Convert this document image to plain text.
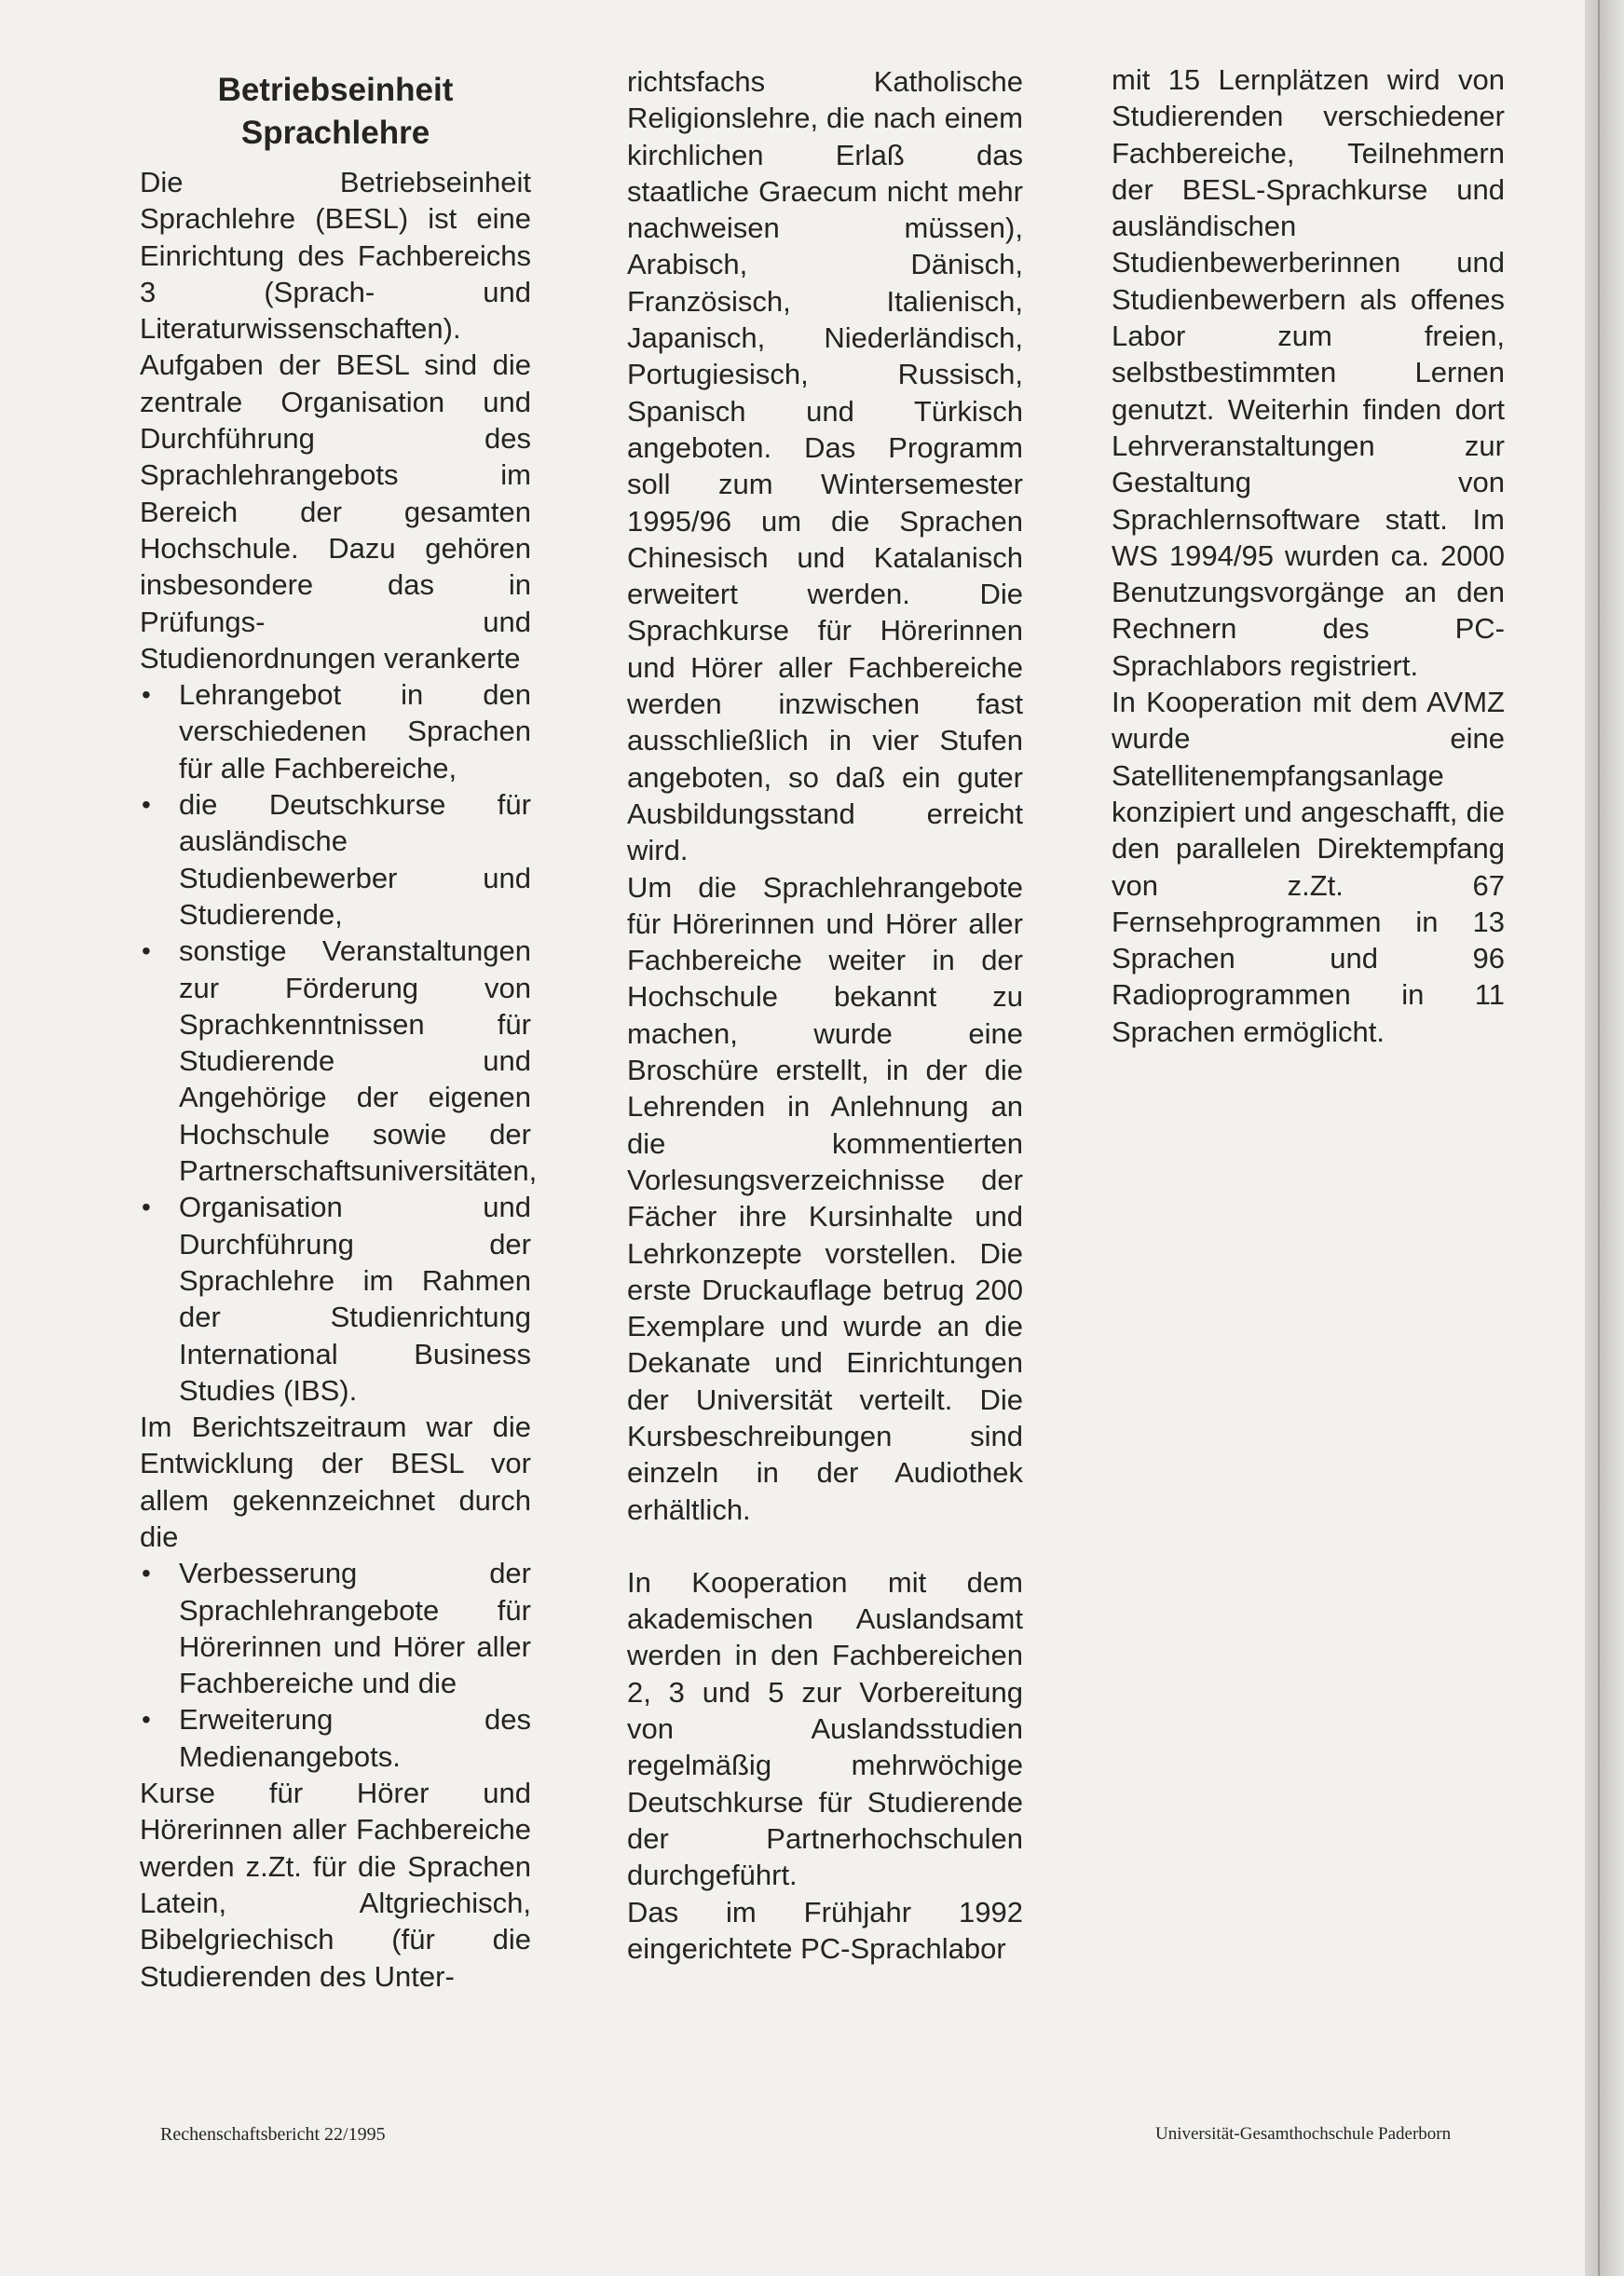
Betriebseinheit
Sprachlehre

Die Betriebseinheit Sprachlehre (BESL) ist eine Einrichtung des Fachbereichs 3 (Sprach- und Literaturwissenschaften). Aufgaben der BESL sind die zentrale Organisation und Durchführung des Sprachlehrangebots im Bereich der gesamten Hochschule. Dazu gehören insbesondere das in Prüfungs- und Studienordnungen verankerte

• Lehrangebot in den verschiedenen Sprachen für alle Fachbereiche,
• die Deutschkurse für ausländische Studienbewerber und Studierende,
• sonstige Veranstaltungen zur Förderung von Sprachkenntnissen für Studierende und Angehörige der eigenen Hochschule sowie der Partnerschaftsuniversitäten,
• Organisation und Durchführung der Sprachlehre im Rahmen der Studienrichtung International Business Studies (IBS).

Im Berichtszeitraum war die Entwicklung der BESL vor allem gekennzeichnet durch die

• Verbesserung der Sprachlehrangebote für Hörerinnen und Hörer aller Fachbereiche und die
• Erweiterung des Medienangebots.

Kurse für Hörer und Hörerinnen aller Fachbereiche werden z.Zt. für die Sprachen Latein, Altgriechisch, Bibelgriechisch (für die Studierenden des Unter-

richtsfachs Katholische Religionslehre, die nach einem kirchlichen Erlaß das staatliche Graecum nicht mehr nachweisen müssen), Arabisch, Dänisch, Französisch, Italienisch, Japanisch, Niederländisch, Portugiesisch, Russisch, Spanisch und Türkisch angeboten. Das Programm soll zum Wintersemester 1995/96 um die Sprachen Chinesisch und Katalanisch erweitert werden. Die Sprachkurse für Hörerinnen und Hörer aller Fachbereiche werden inzwischen fast ausschließlich in vier Stufen angeboten, so daß ein guter Ausbildungsstand erreicht wird.

Um die Sprachlehrangebote für Hörerinnen und Hörer aller Fachbereiche weiter in der Hochschule bekannt zu machen, wurde eine Broschüre erstellt, in der die Lehrenden in Anlehnung an die kommentierten Vorlesungsverzeichnisse der Fächer ihre Kursinhalte und Lehrkonzepte vorstellen. Die erste Druckauflage betrug 200 Exemplare und wurde an die Dekanate und Einrichtungen der Universität verteilt. Die Kursbeschreibungen sind einzeln in der Audiothek erhältlich.

In Kooperation mit dem akademischen Auslandsamt werden in den Fachbereichen 2, 3 und 5 zur Vorbereitung von Auslandsstudien regelmäßig mehrwöchige Deutschkurse für Studierende der Partnerhochschulen durchgeführt.

Das im Frühjahr 1992 eingerichtete PC-Sprachlabor

mit 15 Lernplätzen wird von Studierenden verschiedener Fachbereiche, Teilnehmern der BESL-Sprachkurse und ausländischen Studienbewerberinnen und Studienbewerbern als offenes Labor zum freien, selbstbestimmten Lernen genutzt. Weiterhin finden dort Lehrveranstaltungen zur Gestaltung von Sprachlernsoftware statt. Im WS 1994/95 wurden ca. 2000 Benutzungsvorgänge an den Rechnern des PC-Sprachlabors registriert.

In Kooperation mit dem AVMZ wurde eine Satellitenempfangsanlage konzipiert und angeschafft, die den parallelen Direktempfang von z.Zt. 67 Fernsehprogrammen in 13 Sprachen und 96 Radioprogrammen in 11 Sprachen ermöglicht.

Rechenschaftsbericht 22/1995	Universität-Gesamthochschule Paderborn
